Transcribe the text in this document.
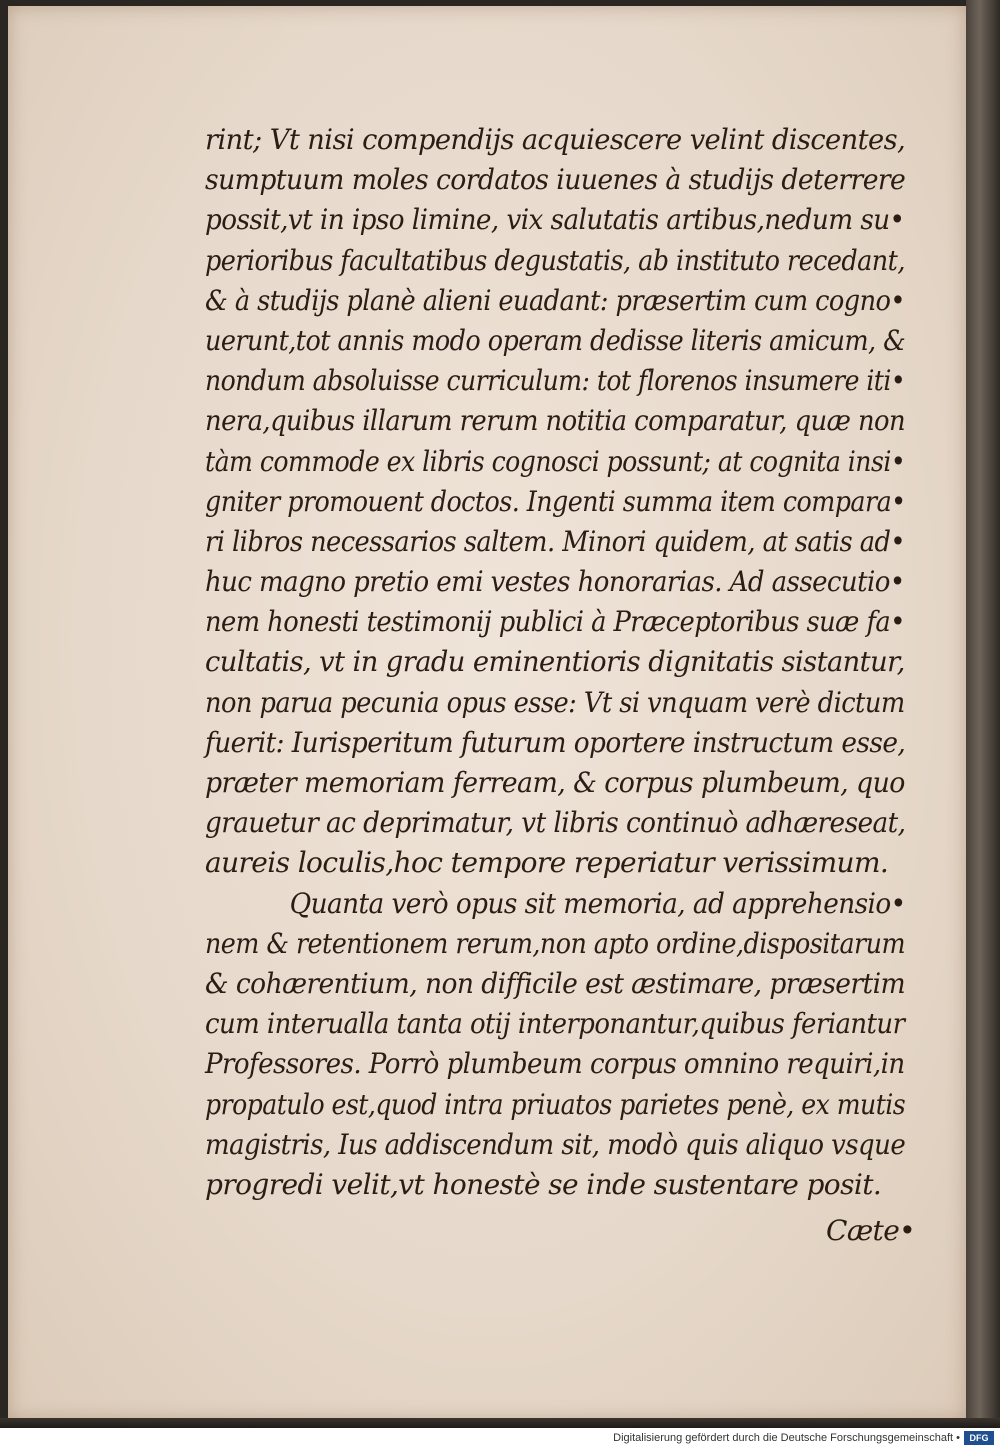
rint; Vt nisi compendijs acquiescere velint discentes,
sumptuum moles cordatos iuuenes à studijs deterrere
possit,vt in ipso limine, vix salutatis artibus,nedum su•
perioribus facultatibus degustatis, ab instituto recedant,
& à studijs planè alieni euadant: præsertim cum cogno•
uerunt,tot annis modo operam dedisse literis amicum, &
nondum absoluisse curriculum: tot florenos insumere iti•
nera,quibus illarum rerum notitia comparatur, quæ non
tàm commode ex libris cognosci possunt; at cognita insi•
gniter promouent doctos. Ingenti summa item compara•
ri libros necessarios saltem. Minori quidem, at satis ad•
huc magno pretio emi vestes honorarias. Ad assecutio•
nem honesti testimonij publici à Præceptoribus suæ fa•
cultatis, vt in gradu eminentioris dignitatis sistantur,
non parua pecunia opus esse: Vt si vnquam verè dictum
fuerit: Iurisperitum futurum oportere instructum esse,
præter memoriam ferream, & corpus plumbeum, quo
grauetur ac deprimatur, vt libris continuò adhæreseat,
aureis loculis,hoc tempore reperiatur verissimum.
Quanta verò opus sit memoria, ad apprehensio•
nem & retentionem rerum,non apto ordine,dispositarum
& cohærentium, non difficile est æstimare, præsertim
cum interualla tanta otij interponantur,quibus feriantur
Professores. Porrò plumbeum corpus omnino requiri,in
propatulo est,quod intra priuatos parietes penè, ex mutis
magistris, Ius addiscendum sit, modò quis aliquo vsque
progredi velit,vt honestè se inde sustentare posit.
Cæte•
Digitalisierung gefördert durch die Deutsche Forschungsgemeinschaft •	DFG
